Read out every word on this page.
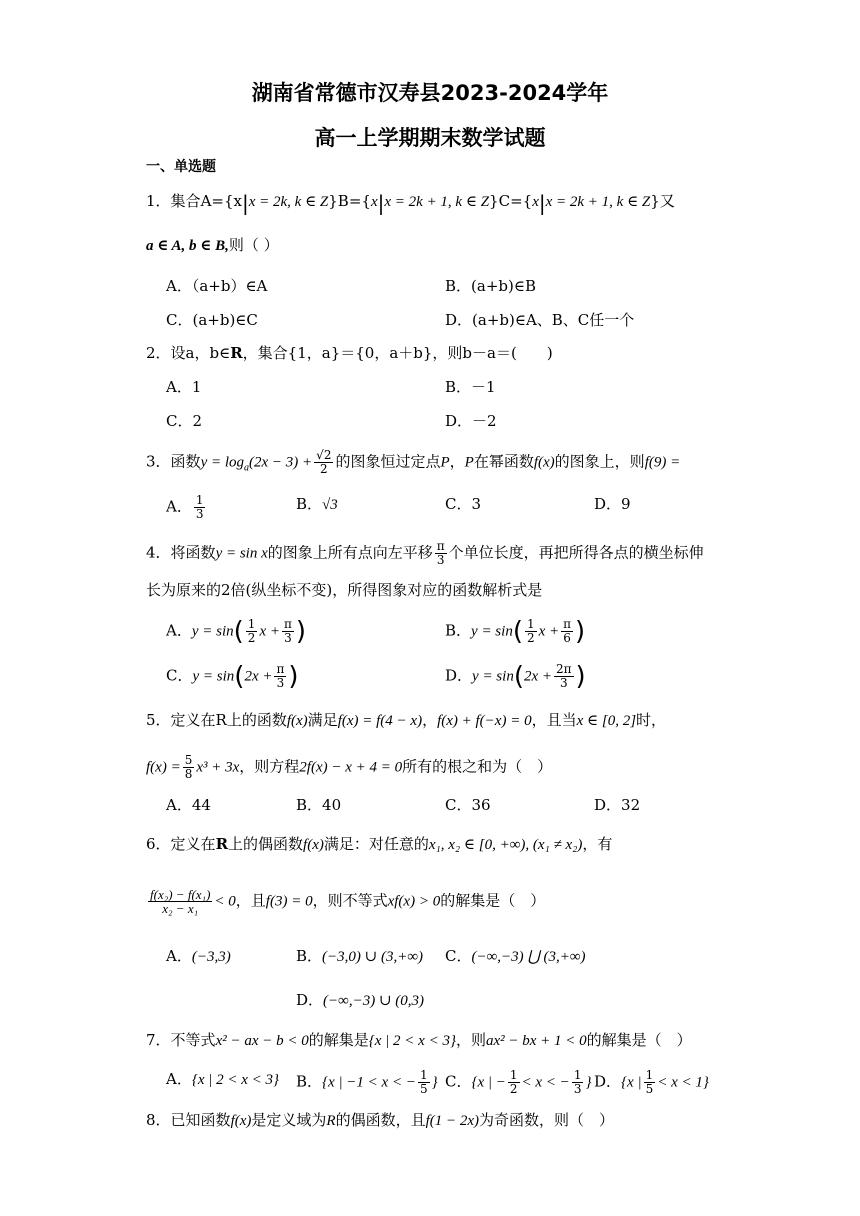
湖南省常德市汉寿县2023-2024学年
高一上学期期末数学试题
一、单选题
1．集合A={x|x = 2k, k ∈ Z}B={x|x = 2k + 1, k ∈ Z}C={x|x = 2k + 1, k ∈ Z}又
a ∈ A, b ∈ B,则（ ）
A．（a+b）∈A	B．(a+b)∈B
C．(a+b)∈C	D．(a+b)∈A、B、C任一个
2．设a，b∈R，集合{1，a}＝{0，a＋b}，则b－a＝(　　)
A．1	B．－1
C．2	D．－2
3．函数$y = \log_a(2x - 3) + \frac{√2}{2}$ 的图象恒过定点P，P在幂函数f(x)的图象上，则f(9) =
A． $\frac{1}{3}$	B．√3	C．3	D．9
4．将函数y = sin x的图象上所有点向左平移 $\frac{\pi}{3}$ 个单位长度，再把所得各点的横坐标伸
长为原来的2倍(纵坐标不变)，所得图象对应的函数解析式是
A．$y = \sin( \frac{1}{2}$ $x + \frac{\pi}{3}$ )	B．$y = \sin( \frac{1}{2}$ $x + \frac{\pi}{6}$ )
C．$y = \sin(2x + \frac{\pi}{3}$ )	D．$y = \sin(2x + \frac{2\pi}{3}$ )
5．定义在R上的函数f(x)满足f(x) = f(4 − x)，f(x) + f(−x) = 0，且当x ∈ [0, 2]时，
$f(x) = \frac{5}{8} x^3 + 3x$，则方程2f(x) − x + 4 = 0所有的根之和为（　）
A．44	B．40	C．36	D．32
6．定义在R上的偶函数f(x)满足：对任意的x₁, x₂ ∈ [0, +∞), (x₁ ≠ x₂)，有
$\frac{\text{f(x₂) − f(x₁)}}{\text{x₂ − x₁}} < 0$，且f(3) = 0，则不等式xf(x) > 0的解集是（　）
A．(−3,3)	B．(−3,0) ∪ (3,+∞) C．(−∞,−3) ⋃ (3,+∞)
D．(−∞,−3) ∪ (0,3)
7．不等式x² − ax − b < 0的解集是{x | 2 < x < 3}，则ax² − bx + 1 < 0的解集是（　）
A．{x | 2 < x < 3} B．{x | −1 < x < − $\frac{1}{5}$ } C．{x | − $\frac{1}{2} < x$ < − $\frac{1}{3}$ } D．{x | $\frac{1}{5} < x < 1$}
8．已知函数f(x)是定义域为R的偶函数，且f(1 − 2x)为奇函数，则（　）
